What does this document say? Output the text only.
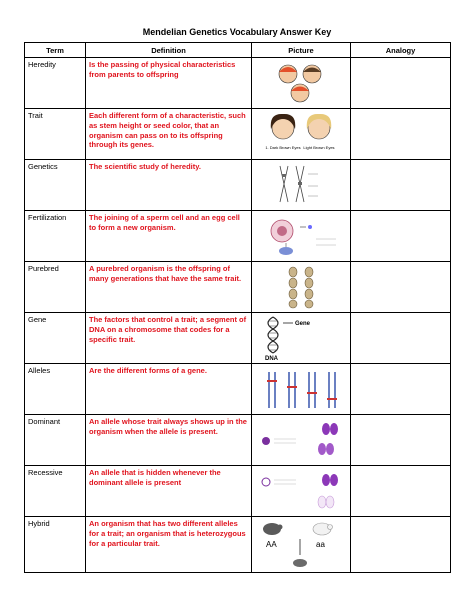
Mendelian Genetics Vocabulary Answer Key
Term	Definition	Picture	Analogy
Heredity	Is the passing of physical characteristics from parents to offspring	

Trait	Each different form of a characteristic, such as stem height or seed color, that an organism can pass on to its offspring through its genes.	1. Dark Brown Eyes Light Brown Eyes	

Genetics	The scientific study of heredity.	

Fertilization	The joining of a sperm cell and an egg cell to form a new organism.	

Purebred	A purebred organism is the offspring of many generations that have the same trait.	

Gene	The factors that control a trait; a segment of DNA on a chromosome that codes for a specific trait.	Gene
DNA	

Alleles	Are the different forms of a gene.	

Dominant	An allele whose trait always shows up in the organism when the allele is present.	

Recessive	An allele that is hidden whenever the dominant allele is present	

Hybrid	An organism that has two different alleles for a trait; an organism that is heterozygous for a particular trait.	AA aa	
